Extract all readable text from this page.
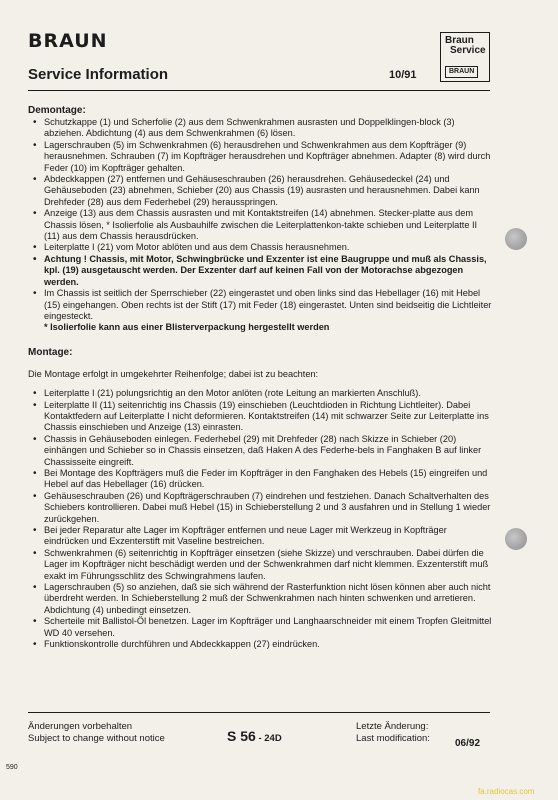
BRAUN	Braun
Service
BRAUN
Service Information	10/91
Demontage:
• Schutzkappe (1) und Scherfolie (2) aus dem Schwenkrahmen ausrasten und Doppelklingen-block (3) abziehen. Abdichtung (4) aus dem Schwenkrahmen (6) lösen.
• Lagerschrauben (5) im Schwenkrahmen (6) herausdrehen und Schwenkrahmen aus dem Kopfträger (9) herausnehmen. Schrauben (7) im Kopfträger herausdrehen und Kopfträger abnehmen. Adapter (8) wird durch Feder (10) im Kopfträger gehalten.
• Abdeckkappen (27) entfernen und Gehäuseschrauben (26) herausdrehen. Gehäusedeckel (24) und Gehäuseboden (23) abnehmen, Schieber (20) aus Chassis (19) ausrasten und herausnehmen. Dabei kann Drehfeder (28) aus dem Federhebel (29) herausspringen.
• Anzeige (13) aus dem Chassis ausrasten und mit Kontaktstreifen (14) abnehmen. Stecker-platte aus dem Chassis lösen, * Isolierfolie als Ausbauhilfe zwischen die Leiterplattenkon-takte schieben und Leiterplatte II (11) aus dem Chassis herausdrücken.
• Leiterplatte I (21) vom Motor ablöten und aus dem Chassis herausnehmen.
• Achtung ! Chassis, mit Motor, Schwingbrücke und Exzenter ist eine Baugruppe und muß als Chassis, kpl. (19) ausgetauscht werden. Der Exzenter darf auf keinen Fall von der Motorachse abgezogen werden.
• Im Chassis ist seitlich der Sperrschieber (22) eingerastet und oben links sind das Hebellager (16) mit Hebel (15) eingehangen. Oben rechts ist der Stift (17) mit Feder (18) eingerastet. Unten sind beidseitig die Lichtleiter eingesteckt.
* Isolierfolie kann aus einer Blisterverpackung hergestellt werden
Montage:
Die Montage erfolgt in umgekehrter Reihenfolge; dabei ist zu beachten:
• Leiterplatte I (21) polungsrichtig an den Motor anlöten (rote Leitung an markierten Anschluß).
• Leiterplatte II (11) seitenrichtig ins Chassis (19) einschieben (Leuchtdioden in Richtung Lichtleiter). Dabei Kontaktfedern auf Leiterplatte I nicht deformieren. Kontaktstreifen (14) mit schwarzer Seite zur Leiterplatte ins Chassis einschieben und Anzeige (13) einrasten.
• Chassis in Gehäuseboden einlegen. Federhebel (29) mit Drehfeder (28) nach Skizze in Schieber (20) einhängen und Schieber so in Chassis einsetzen, daß Haken A des Federhe-bels in Fanghaken B auf linker Chassisseite eingreift.
• Bei Montage des Kopfträgers muß die Feder im Kopfträger in den Fanghaken des Hebels (15) eingreifen und Hebel auf das Hebellager (16) drücken.
• Gehäuseschrauben (26) und Kopfträgerschrauben (7) eindrehen und festziehen. Danach Schaltverhalten des Schiebers kontrollieren. Dabei muß Hebel (15) in Schieberstellung 2 und 3 ausfahren und in Stellung 1 wieder zurückgehen.
• Bei jeder Reparatur alte Lager im Kopfträger entfernen und neue Lager mit Werkzeug in Kopfträger eindrücken und Exzenterstift mit Vaseline bestreichen.
• Schwenkrahmen (6) seitenrichtig in Kopfträger einsetzen (siehe Skizze) und verschrauben. Dabei dürfen die Lager im Kopfträger nicht beschädigt werden und der Schwenkrahmen darf nicht klemmen. Exzenterstift muß exakt im Führungsschlitz des Schwingrahmens laufen.
• Lagerschrauben (5) so anziehen, daß sie sich während der Rasterfunktion nicht lösen können aber auch nicht überdreht werden. In Schieberstellung 2 muß der Schwenkrahmen nach hinten schwenken und arretieren. Abdichtung (4) unbedingt einsetzen.
• Scherteile mit Ballistol-Öl benetzen. Lager im Kopfträger und Langhaarschneider mit einem Tropfen Gleitmittel WD 40 versehen.
• Funktionskontrolle durchführen und Abdeckkappen (27) eindrücken.
Änderungen vorbehalten
Subject to change without notice	S 56 - 24D
Letzte Änderung:
Last modification:	06/92
590
fa.radiocas.com
